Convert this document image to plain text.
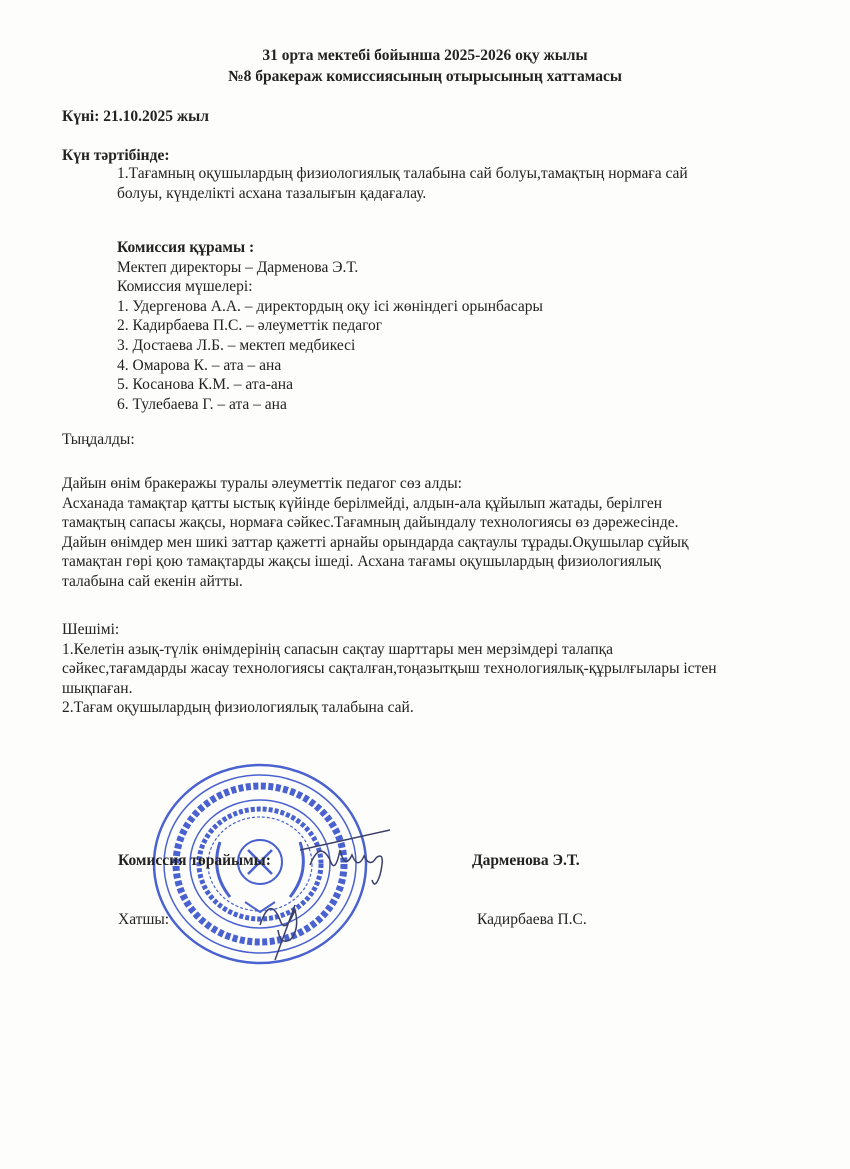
31 орта мектебі бойынша 2025-2026 оқу жылы
№8 бракераж комиссиясының отырысының хаттамасы
Күні: 21.10.2025 жыл
Күн тәртібінде:
1.Тағамның оқушылардың физиологиялық талабына сай болуы,тамақтың нормаға сай
болуы, күнделікті асхана тазалығын қадағалау.
Комиссия құрамы :
Мектеп директоры – Дарменова Э.Т.
Комиссия мүшелері:
1. Удергенова А.А. – директордың оқу ісі жөніндегі орынбасары
2. Кадирбаева П.С. – әлеуметтік педагог
3. Достаева Л.Б. – мектеп медбикесі
4. Омарова К. – ата – ана
5. Косанова К.М. – ата-ана
6. Тулебаева Г. – ата – ана
Тыңдалды:
Дайын өнім бракеражы туралы әлеуметтік педагог сөз алды:
Асханада тамақтар қатты ыстық күйінде берілмейді, алдын-ала құйылып жатады, берілген
тамақтың сапасы жақсы, нормаға сәйкес.Тағамның дайындалу технологиясы өз дәрежесінде.
Дайын өнімдер мен шикі заттар қажетті арнайы орындарда сақтаулы тұрады.Оқушылар сұйық
тамақтан гөрі қою тамақтарды жақсы ішеді. Асхана тағамы оқушылардың физиологиялық
талабына сай екенін айтты.
Шешімі:
1.Келетін азық-түлік өнімдерінің сапасын сақтау шарттары мен мерзімдері талапқа
сәйкес,тағамдарды жасау технологиясы сақталған,тоңазытқыш технологиялық-құрылғылары істен
шықпаған.
2.Тағам оқушылардың физиологиялық талабына сай.
Комиссия төрайымы:	Дарменова Э.Т.
Хатшы:	Кадирбаева П.С.
